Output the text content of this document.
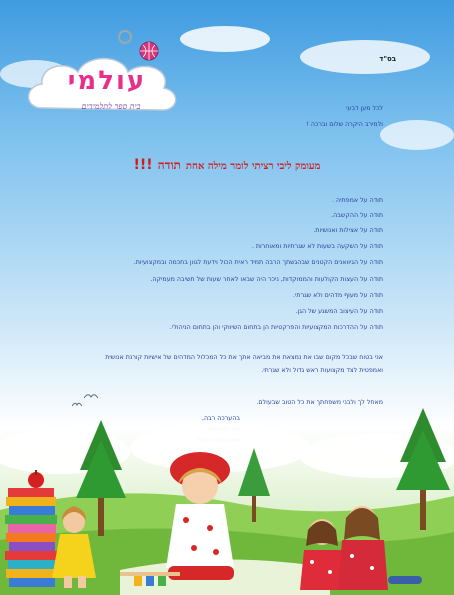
עולמי
בית ספר לתלמידים
בס"ד
לכל מען דבעי
ולמירב היקרה שלום וברכה !
מעומק ליבי רציתי לומר מילה אחת תודה !!!
תודה על אמפתיה .
תודה על ההקשבה.
תודה על אצילות ואנושיות.
תודה על השקעה בשעות לא שגרתיות ומאוחרות .
תודה על הגיוואנים הקטנים שבהגשתך הרבה תמיד ראית הכול וידעת לגוון בחכמה ובמקצועיות.
תודה על העצות הקולעות והממוקדות, ניכר היה שבאו לאחר שעות של חשיבה מעמיקה.
תודה על מעוף מדהים ולא שגרתי.
תודה על העיצוב המשגע של הגן.
תודה על ההדרכות המקצועיות והפרקטיות הן בתחום השיווקי והן בתחום הניהולי.
אני בטוח שבכל מקום שבו את נמצאת את מביאה אתך את כל המכלול המדהים של אישיות קורנת אנושית
ואמפטית לצד מקצועות ראש גדול ולא שגרתי.
מאחל לך ולבני משפחתך את כל הטוב שבעולם.
בהערכה רבה,
